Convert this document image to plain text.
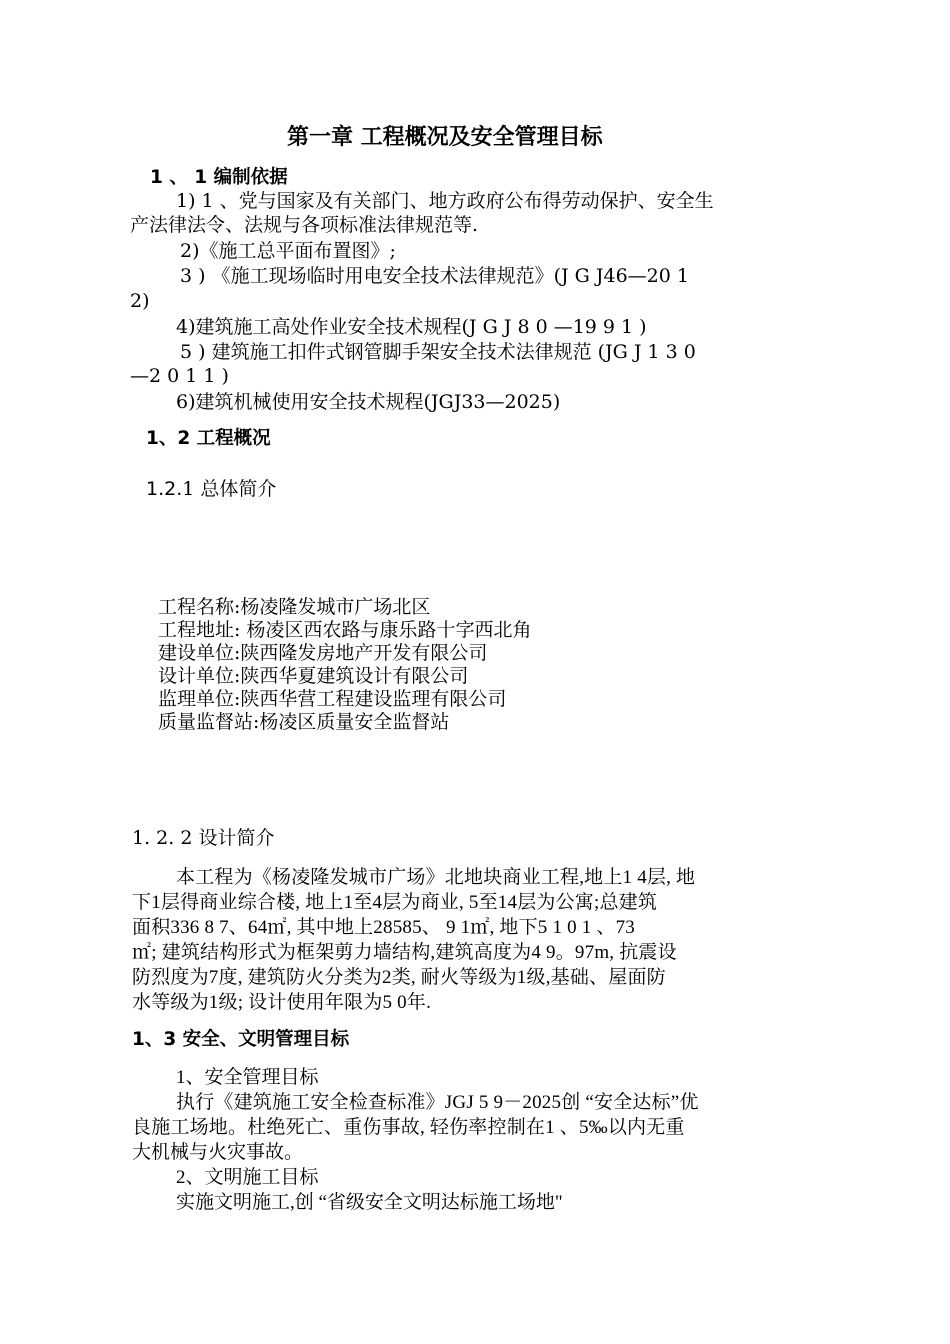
第一章 工程概况及安全管理目标
1 、 1 编制依据
1) 1 、党与国家及有关部门、地方政府公布得劳动保护、安全生
产法律法令、法规与各项标准法律规范等.
2)《施工总平面布置图》;
3 ) 《施工现场临时用电安全技术法律规范》(J G J46—20 1
2)
4)建筑施工高处作业安全技术规程(J G J 8 0 —19 9 1 )
5 ) 建筑施工扣件式钢管脚手架安全技术法律规范 (JG J 1 3 0
—2 0 1 1 )
6)建筑机械使用安全技术规程(JGJ33—2025)
1、2 工程概况
1.2.1 总体简介
工程名称:杨凌隆发城市广场北区
工程地址: 杨凌区西农路与康乐路十字西北角
建设单位:陕西隆发房地产开发有限公司
设计单位:陕西华夏建筑设计有限公司
监理单位:陕西华营工程建设监理有限公司
质量监督站:杨凌区质量安全监督站
1. 2. 2 设计简介
本工程为《杨凌隆发城市广场》北地块商业工程,地上1 4层, 地
下1层得商业综合楼, 地上1至4层为商业, 5至14层为公寓;总建筑
面积336 8 7、64㎡, 其中地上28585、 9 1㎡, 地下5 1 0 1 、73
㎡; 建筑结构形式为框架剪力墙结构,建筑高度为4 9。97m, 抗震设
防烈度为7度, 建筑防火分类为2类, 耐火等级为1级,基础、屋面防
水等级为1级; 设计使用年限为5 0年.
1、3 安全、文明管理目标
1、安全管理目标
执行《建筑施工安全检查标准》JGJ 5 9－2025创 “安全达标”优
良施工场地。杜绝死亡、重伤事故, 轻伤率控制在1 、5‰以内无重
大机械与火灾事故。
2、文明施工目标
实施文明施工,创 “省级安全文明达标施工场地"
